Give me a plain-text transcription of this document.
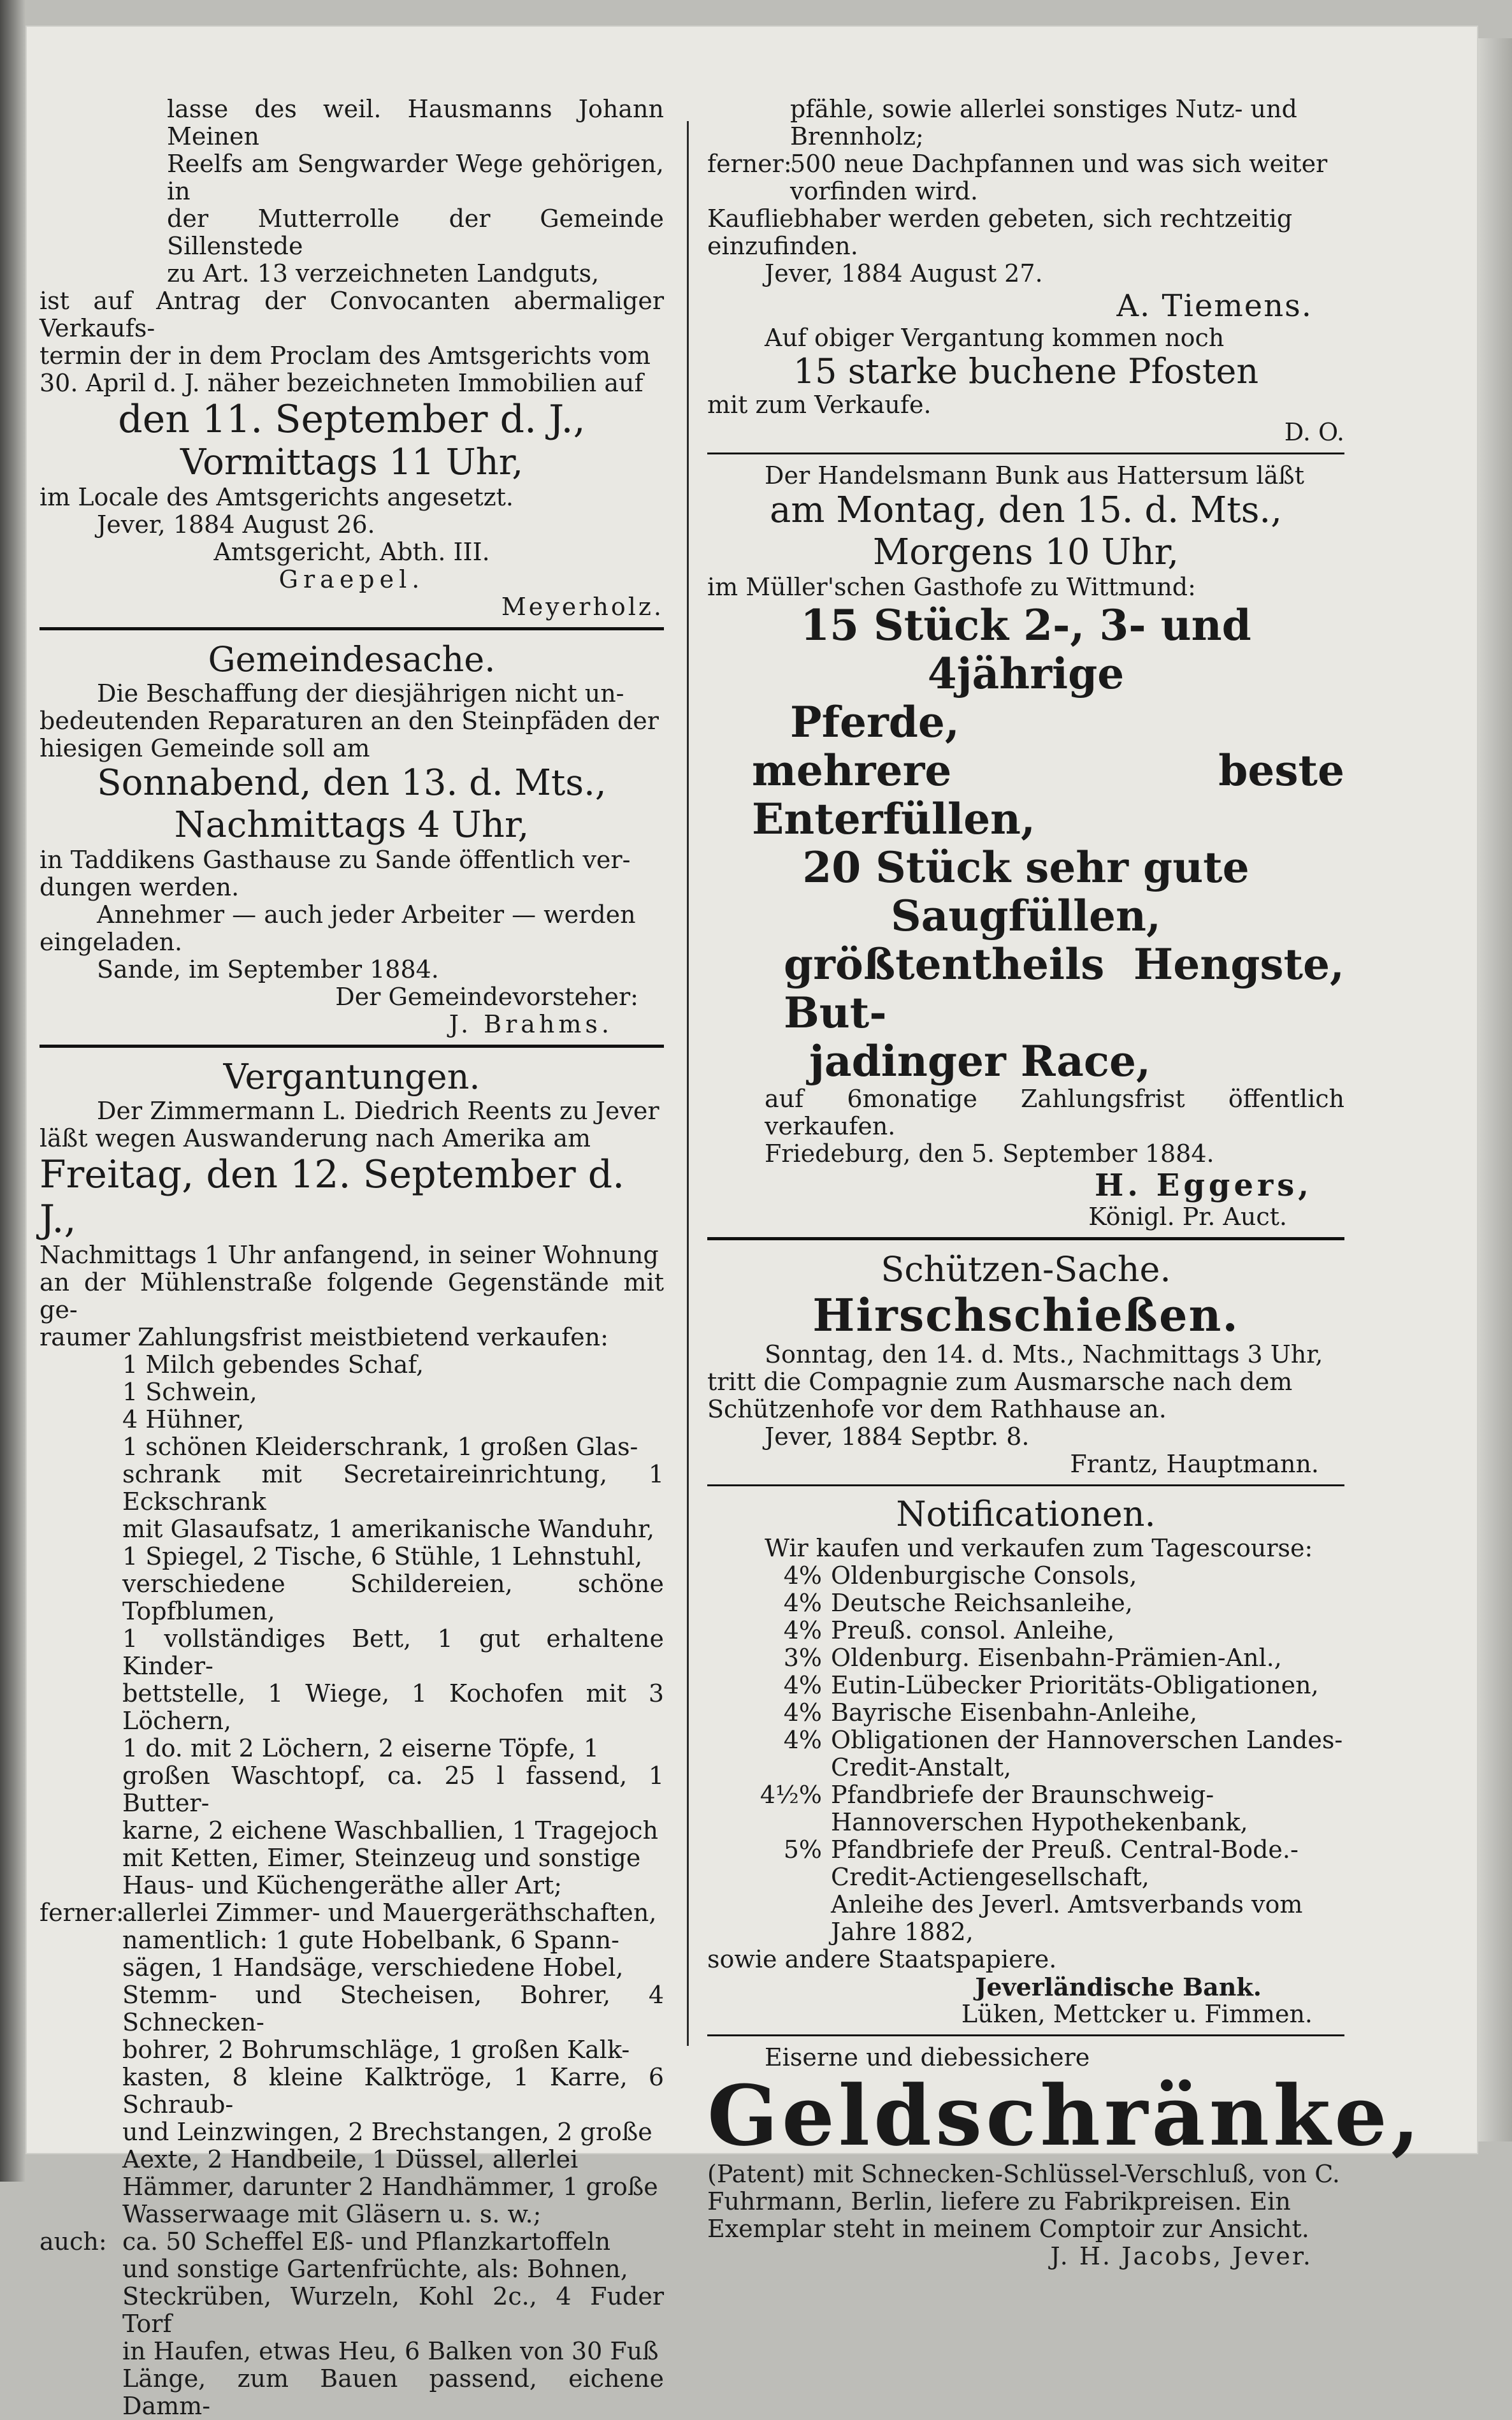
lasse des weil. Hausmanns Johann Meinen

Reelfs am Sengwarder Wege gehörigen, in

der Mutterrolle der Gemeinde Sillenstede

zu Art. 13 verzeichneten Landguts,

ist auf Antrag der Convocanten abermaliger Verkaufs-

termin der in dem Proclam des Amtsgerichts vom

30. April d. J. näher bezeichneten Immobilien auf

den 11. September d. J.,

Vormittags 11 Uhr,

im Locale des Amtsgerichts angesetzt.

Jever, 1884 August 26.

Amtsgericht, Abth. III.

Graepel.

Meyerholz.

Gemeindesache.

Die Beschaffung der diesjährigen nicht un-

bedeutenden Reparaturen an den Steinpfäden der

hiesigen Gemeinde soll am

Sonnabend, den 13. d. Mts.,

Nachmittags 4 Uhr,

in Taddikens Gasthause zu Sande öffentlich ver-

dungen werden.

Annehmer — auch jeder Arbeiter — werden

eingeladen.

Sande, im September 1884.

Der Gemeindevorsteher:

J. Brahms.

Vergantungen.

Der Zimmermann L. Diedrich Reents zu Jever

läßt wegen Auswanderung nach Amerika am

Freitag, den 12. September d. J.,

Nachmittags 1 Uhr anfangend, in seiner Wohnung

an der Mühlenstraße folgende Gegenstände mit ge-

raumer Zahlungsfrist meistbietend verkaufen:

1 Milch gebendes Schaf,

1 Schwein,

4 Hühner,

1 schönen Kleiderschrank, 1 großen Glas-

schrank mit Secretaireinrichtung, 1 Eckschrank

mit Glasaufsatz, 1 amerikanische Wanduhr,

1 Spiegel, 2 Tische, 6 Stühle, 1 Lehnstuhl,

verschiedene Schildereien, schöne Topfblumen,

1 vollständiges Bett, 1 gut erhaltene Kinder-

bettstelle, 1 Wiege, 1 Kochofen mit 3 Löchern,

1 do. mit 2 Löchern, 2 eiserne Töpfe, 1

großen Waschtopf, ca. 25 l fassend, 1 Butter-

karne, 2 eichene Waschballien, 1 Tragejoch

mit Ketten, Eimer, Steinzeug und sonstige

Haus- und Küchengeräthe aller Art;

ferner:

allerlei Zimmer- und Mauergeräthschaften,

namentlich: 1 gute Hobelbank, 6 Spann-

sägen, 1 Handsäge, verschiedene Hobel,

Stemm- und Stecheisen, Bohrer, 4 Schnecken-

bohrer, 2 Bohrumschläge, 1 großen Kalk-

kasten, 8 kleine Kalktröge, 1 Karre, 6 Schraub-

und Leinzwingen, 2 Brechstangen, 2 große

Aexte, 2 Handbeile, 1 Düssel, allerlei

Hämmer, darunter 2 Handhämmer, 1 große

Wasserwaage mit Gläsern u. s. w.;

auch: ca. 50 Scheffel Eß- und Pflanzkartoffeln

und sonstige Gartenfrüchte, als: Bohnen,

Steckrüben, Wurzeln, Kohl 2c., 4 Fuder Torf

in Haufen, etwas Heu, 6 Balken von 30 Fuß

Länge, zum Bauen passend, eichene Damm-

pfähle, sowie allerlei sonstiges Nutz- und

Brennholz;

ferner:

500 neue Dachpfannen und was sich weiter

vorfinden wird.

Kaufliebhaber werden gebeten, sich rechtzeitig

einzufinden.

Jever, 1884 August 27.

A. Tiemens.

Auf obiger Vergantung kommen noch

15 starke buchene Pfosten

mit zum Verkaufe.

D. O.

Der Handelsmann Bunk aus Hattersum läßt

am Montag, den 15. d. Mts.,

Morgens 10 Uhr,

im Müller'schen Gasthofe zu Wittmund:

15 Stück 2-, 3- und 4jährige

Pferde,

mehrere beste Enterfüllen,

20 Stück sehr gute Saugfüllen,

größtentheils Hengste, But-

jadinger Race,

auf 6monatige Zahlungsfrist öffentlich verkaufen.

Friedeburg, den 5. September 1884.

H. Eggers,

Königl. Pr. Auct.

Schützen-Sache.

Hirschschießen.

Sonntag, den 14. d. Mts., Nachmittags 3 Uhr,

tritt die Compagnie zum Ausmarsche nach dem

Schützenhofe vor dem Rathhause an.

Jever, 1884 Septbr. 8.

Frantz, Hauptmann.

Notificationen.

Wir kaufen und verkaufen zum Tagescourse:

4% Oldenburgische Consols,
4% Deutsche Reichsanleihe,
4% Preuß. consol. Anleihe,
3% Oldenburg. Eisenbahn-Prämien-Anl.,
4% Eutin-Lübecker Prioritäts-Obligationen,
4% Bayrische Eisenbahn-Anleihe,
4% Obligationen der Hannoverschen Landes-Credit-Anstalt,
4½% Pfandbriefe der Braunschweig-Hannoverschen Hypothekenbank,
5% Pfandbriefe der Preuß. Central-Bode.-Credit-Actiengesellschaft,
Anleihe des Jeverl. Amtsverbands vom Jahre 1882,

sowie andere Staatspapiere.

Jeverländische Bank.

Lüken, Mettcker u. Fimmen.

Eiserne und diebessichere

Geldschränke,

(Patent) mit Schnecken-Schlüssel-Verschluß, von C.

Fuhrmann, Berlin, liefere zu Fabrikpreisen. Ein

Exemplar steht in meinem Comptoir zur Ansicht.

J. H. Jacobs, Jever.
